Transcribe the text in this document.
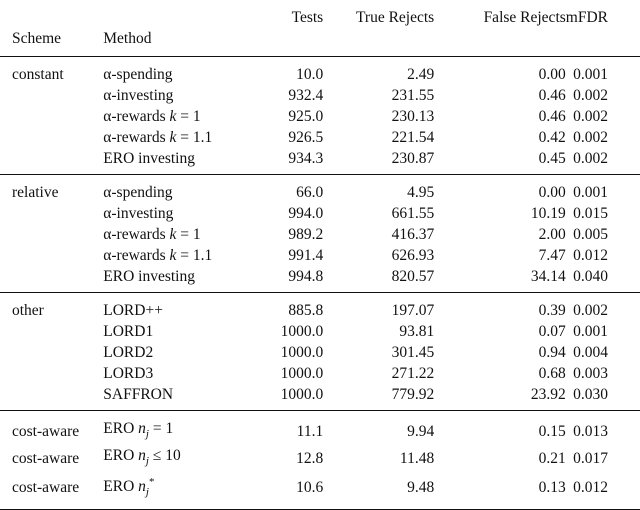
		Tests	True Rejects	False Rejects	mFDR
Scheme	Method				
constant	α-spending	10.0	2.49	0.00	0.001
	α-investing	932.4	231.55	0.46	0.002
	α-rewards k = 1	925.0	230.13	0.46	0.002
	α-rewards k = 1.1	926.5	221.54	0.42	0.002
	ERO investing	934.3	230.87	0.45	0.002
relative	α-spending	66.0	4.95	0.00	0.001
	α-investing	994.0	661.55	10.19	0.015
	α-rewards k = 1	989.2	416.37	2.00	0.005
	α-rewards k = 1.1	991.4	626.93	7.47	0.012
	ERO investing	994.8	820.57	34.14	0.040
other	LORD++	885.8	197.07	0.39	0.002
	LORD1	1000.0	93.81	0.07	0.001
	LORD2	1000.0	301.45	0.94	0.004
	LORD3	1000.0	271.22	0.68	0.003
	SAFFRON	1000.0	779.92	23.92	0.030
cost-aware	ERO $n_j = 1$	11.1	9.94	0.15	0.013
cost-aware	ERO $n_j \le 10$	12.8	11.48	0.21	0.017
cost-aware	ERO $n_j^*$	10.6	9.48	0.13	0.012
